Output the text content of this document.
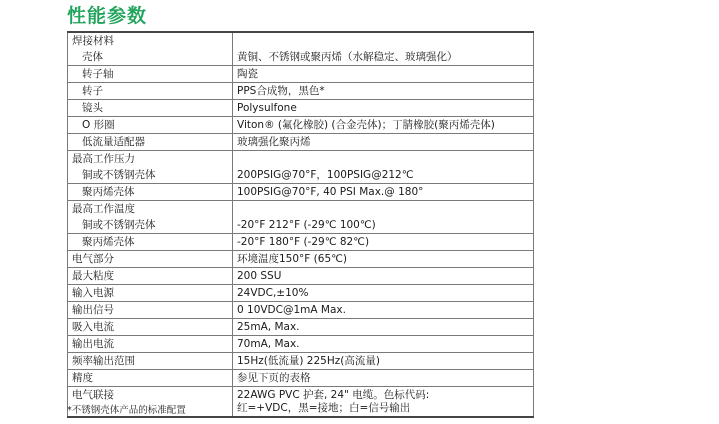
性能参数
焊接材料	
壳体	黄铜、不锈钢或聚丙烯（水解稳定、玻璃强化）
转子轴	陶瓷
转子	PPS合成物，黑色*
镜头	Polysulfone
O 形圈	Viton® (氟化橡胶) (合金壳体)；丁腈橡胶(聚丙烯壳体)
低流量适配器	玻璃强化聚丙烯
最高工作压力	
铜或不锈钢壳体	200PSIG@70°F，100PSIG@212℃
聚丙烯壳体	100PSIG@70°F, 40 PSI Max.@ 180°
最高工作温度	
铜或不锈钢壳体	-20°F 212°F (-29℃ 100℃)
聚丙烯壳体	-20°F 180°F (-29℃ 82℃)
电气部分	环境温度150°F (65℃)
最大粘度	200 SSU
输入电源	24VDC,±10%
输出信号	0 10VDC@1mA Max.
吸入电流	25mA, Max.
输出电流	70mA, Max.
频率输出范围	15Hz(低流量) 225Hz(高流量)
精度	参见下页的表格
电气联接	22AWG PVC 护套, 24" 电缆。色标代码:
红=+VDC，黑=接地；白=信号输出
*不锈钢壳体产品的标准配置
